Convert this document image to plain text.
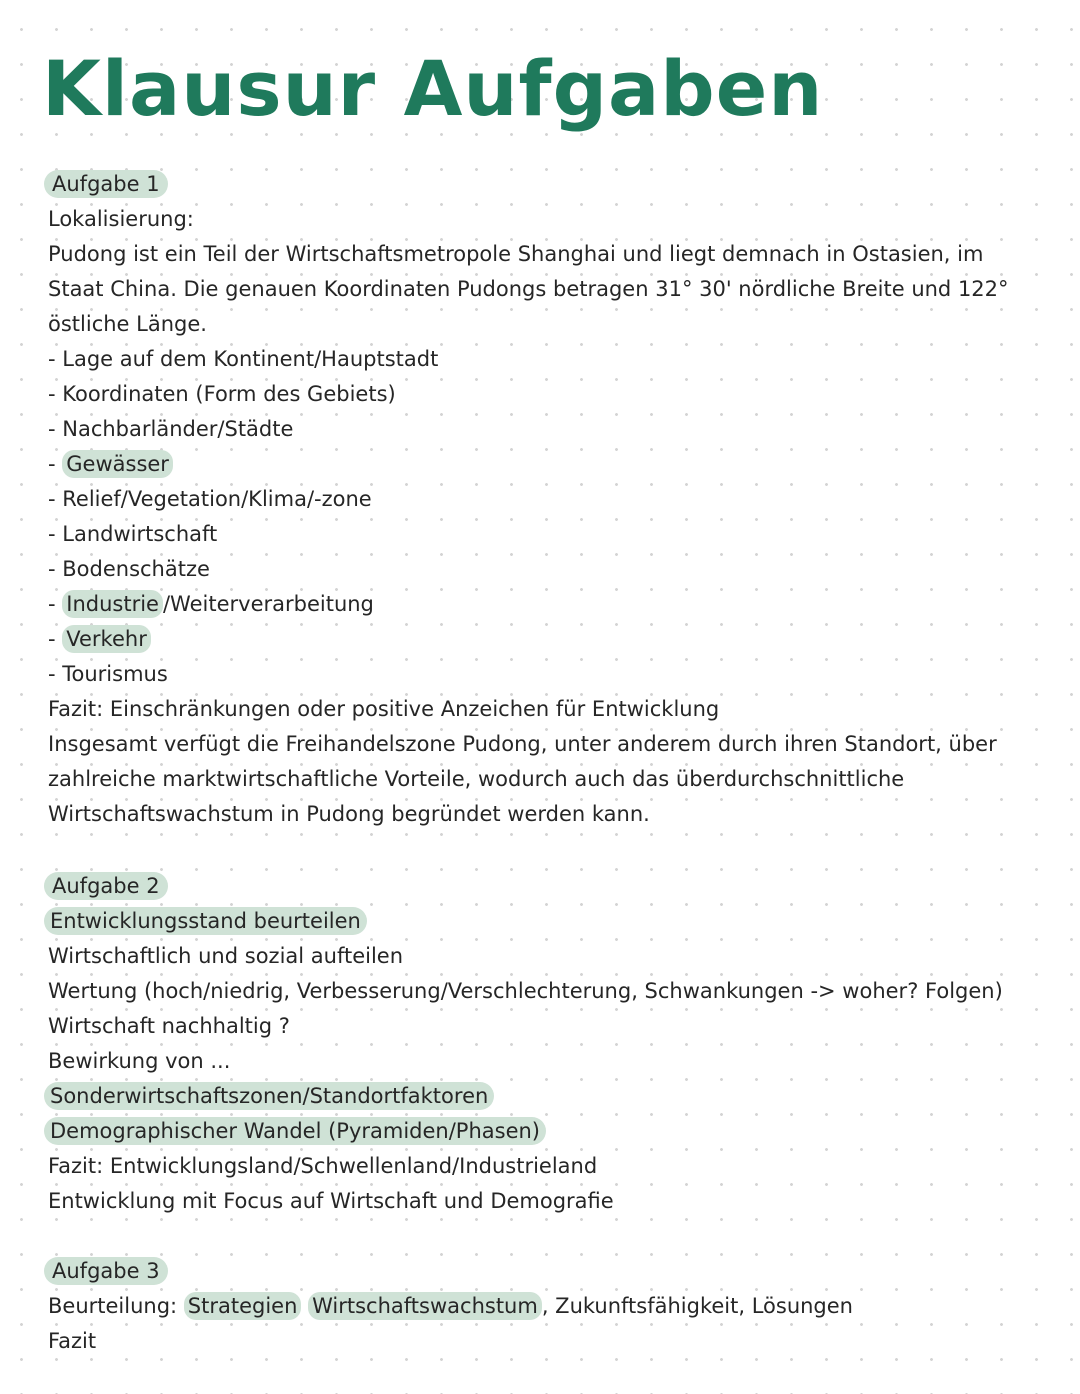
Klausur Aufgaben
Aufgabe 1
Lokalisierung:
Pudong ist ein Teil der Wirtschaftsmetropole Shanghai und liegt demnach in Ostasien, im
Staat China. Die genauen Koordinaten Pudongs betragen 31° 30' nördliche Breite und 122°
östliche Länge.
- Lage auf dem Kontinent/Hauptstadt
- Koordinaten (Form des Gebiets)
- Nachbarländer/Städte
- Gewässer
- Relief/Vegetation/Klima/-zone
- Landwirtschaft
- Bodenschätze
- Industrie /Weiterverarbeitung
- Verkehr
- Tourismus
Fazit: Einschränkungen oder positive Anzeichen für Entwicklung
Insgesamt verfügt die Freihandelszone Pudong, unter anderem durch ihren Standort, über
zahlreiche marktwirtschaftliche Vorteile, wodurch auch das überdurchschnittliche
Wirtschaftswachstum in Pudong begründet werden kann.
Aufgabe 2
Entwicklungsstand beurteilen
Wirtschaftlich und sozial aufteilen
Wertung (hoch/niedrig, Verbesserung/Verschlechterung, Schwankungen -> woher? Folgen)
Wirtschaft nachhaltig ?
Bewirkung von ...
Sonderwirtschaftszonen/Standortfaktoren
Demographischer Wandel (Pyramiden/Phasen)
Fazit: Entwicklungsland/Schwellenland/Industrieland
Entwicklung mit Focus auf Wirtschaft und Demografie
Aufgabe 3
Beurteilung: Strategien Wirtschaftswachstum , Zukunftsfähigkeit, Lösungen
Fazit
